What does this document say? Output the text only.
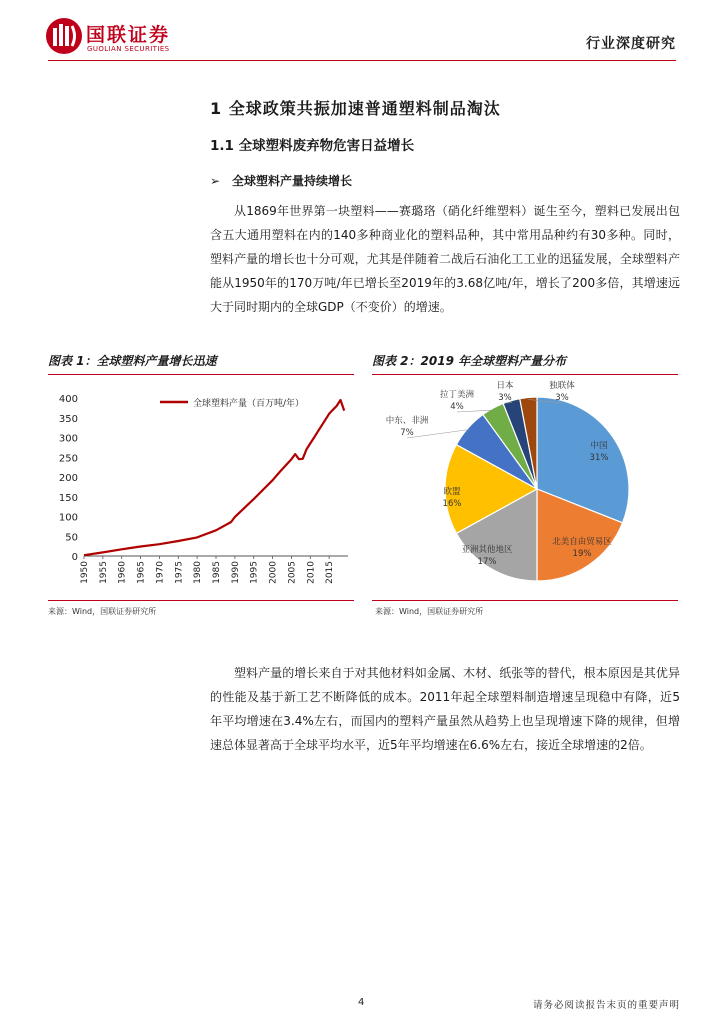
国联证券
GUOLIAN SECURITIES	行业深度研究
1 全球政策共振加速普通塑料制品淘汰
1.1 全球塑料废弃物危害日益增长
➢ 全球塑料产量持续增长
从1869年世界第一块塑料——赛璐珞（硝化纤维塑料）诞生至今，塑料已发展出包含五大通用塑料在内的140多种商业化的塑料品种，其中常用品种约有30多种。同时，塑料产量的增长也十分可观，尤其是伴随着二战后石油化工工业的迅猛发展，全球塑料产能从1950年的170万吨/年已增长至2019年的3.68亿吨/年，增长了200多倍，其增速远大于同时期内的全球GDP（不变价）的增速。
图表 1：全球塑料产量增长迅速	图表 2：2019 年全球塑料产量分布
0
50
100
150
200
250
300
350
400
1950 1955 1960 1965 1970 1975 1980 1985 1990 1995 2000 2005 2010 2015
全球塑料产量（百万吨/年）
中国
31%
北美自由贸易区
19%
亚洲其他地区
17%
欧盟
16%
中东、非洲
7%
拉丁美洲
4%
日本
3%
独联体
3%
来源：Wind，国联证券研究所	来源：Wind，国联证券研究所
塑料产量的增长来自于对其他材料如金属、木材、纸张等的替代，根本原因是其优异的性能及基于新工艺不断降低的成本。2011年起全球塑料制造增速呈现稳中有降，近5年平均增速在3.4%左右，而国内的塑料产量虽然从趋势上也呈现增速下降的规律，但增速总体显著高于全球平均水平，近5年平均增速在6.6%左右，接近全球增速的2倍。
4	请务必阅读报告末页的重要声明
